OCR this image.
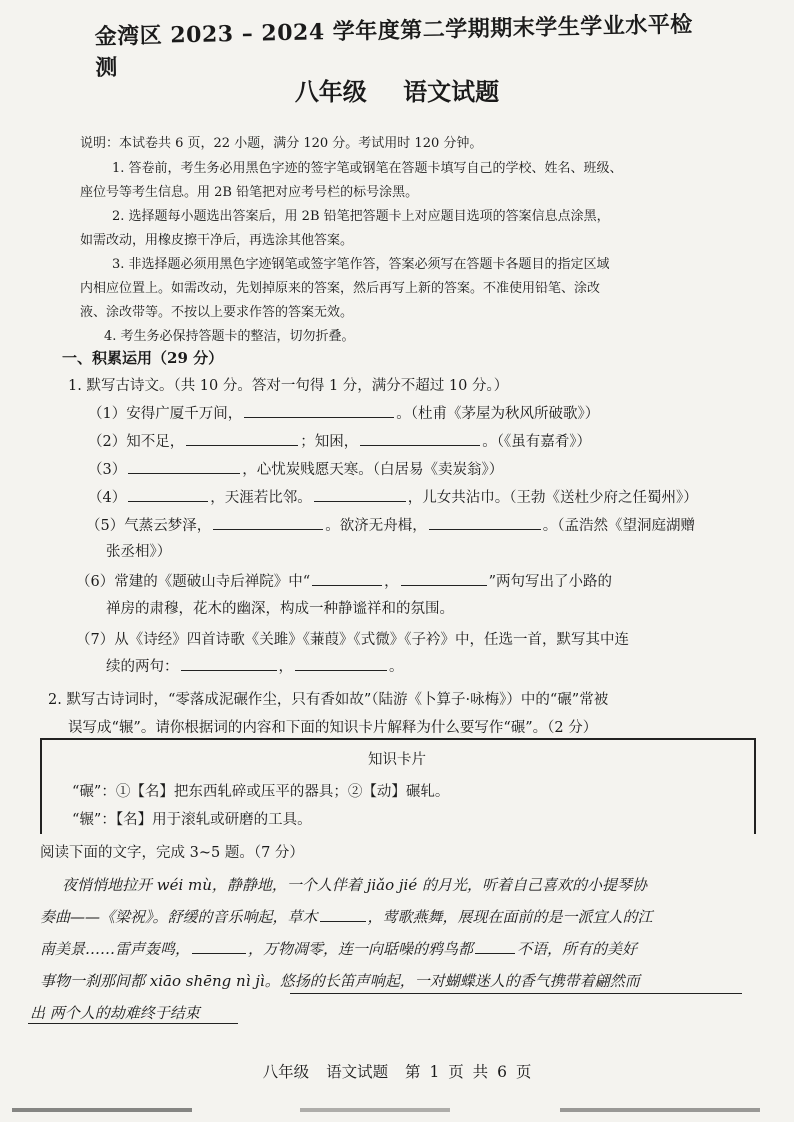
金湾区 2023 – 2024 学年度第二学期期末学生学业水平检测
八年级 语文试题
说明：本试卷共 6 页，22 小题，满分 120 分。考试用时 120 分钟。
1. 答卷前，考生务必用黑色字迹的签字笔或钢笔在答题卡填写自己的学校、姓名、班级、
座位号等考生信息。用 2B 铅笔把对应考号栏的标号涂黑。
2. 选择题每小题选出答案后，用 2B 铅笔把答题卡上对应题目选项的答案信息点涂黑，
如需改动，用橡皮擦干净后，再选涂其他答案。
3. 非选择题必须用黑色字迹钢笔或签字笔作答，答案必须写在答题卡各题目的指定区域
内相应位置上。如需改动，先划掉原来的答案，然后再写上新的答案。不准使用铅笔、涂改
液、涂改带等。不按以上要求作答的答案无效。
4. 考生务必保持答题卡的整洁，切勿折叠。
一、积累运用（29 分）
1. 默写古诗文。（共 10 分。答对一句得 1 分，满分不超过 10 分。）
（1）安得广厦千万间，	。（杜甫《茅屋为秋风所破歌》）
（2）知不足，	；知困，	。（《虽有嘉肴》）
（3）	，心忧炭贱愿天寒。（白居易《卖炭翁》）
（4）	，天涯若比邻。	，儿女共沾巾。（王勃《送杜少府之任蜀州》）
（5）气蒸云梦泽，	。欲济无舟楫，	。（孟浩然《望洞庭湖赠
张丞相》）
（6）常建的《题破山寺后禅院》中“	，	”两句写出了小路的
禅房的肃穆，花木的幽深，构成一种静谧祥和的氛围。
（7）从《诗经》四首诗歌《关雎》《蒹葭》《式微》《子衿》中，任选一首，默写其中连
续的两句：	，	。
2. 默写古诗词时，“零落成泥碾作尘，只有香如故”（陆游《卜算子·咏梅》）中的“碾”常被
误写成“辗”。请你根据词的内容和下面的知识卡片解释为什么要写作“碾”。（2 分）
知识卡片
“碾”：①【名】把东西轧碎或压平的器具；②【动】碾轧。
“辗”：【名】用于滚轧或研磨的工具。
阅读下面的文字，完成 3~5 题。（7 分）
夜悄悄地拉开 wéi mù，静静地，一个人伴着 jiǎo jié 的月光，听着自己喜欢的小提琴协
奏曲——《梁祝》。舒缓的音乐响起，草木	，莺歌燕舞，展现在面前的是一派宜人的江
南美景……雷声轰鸣，	，万物凋零，连一向聒噪的鸦鸟都	不语，所有的美好
事物一刹那间都 xiāo shēng nì jì。悠扬的长笛声响起，一对蝴蝶迷人的香气携带着翩然而
出 两个人的劫难终于结束
八年级 语文试题 第 1 页 共 6 页
